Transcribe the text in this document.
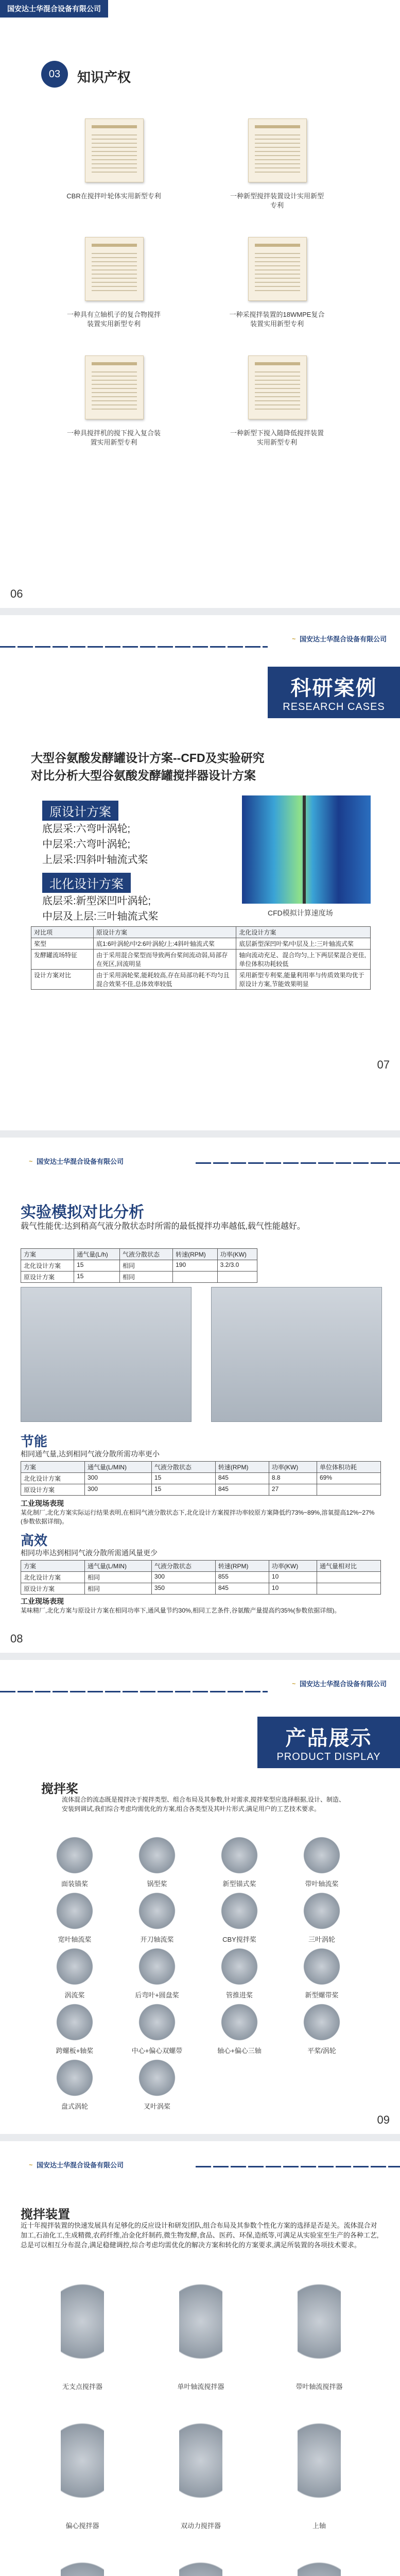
国安达士华混合设备有限公司
03 知识产权
CBR在搅拌叶轮体实用新型专利	一种新型搅拌装置设计实用新型专利
一种具有立轴机子的复合物搅拌装置实用新型专利
一种采搅拌装置的18WMPE复合装置实用新型专利
一种具搅拌机的搅下搅入复合装置实用新型专利
一种新型下搅入随降低搅拌装置实用新型专利
06
~ 国安达士华混合设备有限公司
科研案例
RESEARCH CASES
大型谷氨酸发酵罐设计方案--CFD及实验研究
对比分析大型谷氨酸发酵罐搅拌器设计方案
原设计方案
底层采:六弯叶涡轮;
中层采:六弯叶涡轮;
上层采:四斜叶轴流式桨
北化设计方案
底层采:新型深凹叶涡轮;
中层及上层:三叶轴流式桨	CFD模拟计算速度场
对比项	原设计方案	北化设计方案
桨型	底1:6叶涡轮/中2:6叶涡轮/上:4斜叶轴流式桨	底层新型深凹叶桨/中层及上:三叶轴流式桨
发酵罐流场特征	由于采用混合桨型而导致两台桨间流动弱,局部存在死区,回流明显	轴向流动充足、混合均匀,上下两层桨混合更佳,单位体积功耗较低
设计方案对比	由于采用涡轮桨,能耗较高,存在局部功耗不均匀且混合效果不佳,总体效率较低	采用新型专利桨,能量利用率与传质效果均优于原设计方案,节能效果明显
07
~ 国安达士华混合设备有限公司
实验模拟对比分析
载气性能优:达到稍高气液分散状态时所需的最低搅拌功率越低,载气性能越好。
方案	通气量(L/h)	气液分散状态	转速(RPM)	功率(KW)
北化设计方案	15	相同	190	3.2/3.0
原设计方案	15	相同		
节能
相同通气量,达到相同气液分散所需功率更小
方案	通气量(L/MIN)	气液分散状态	转速(RPM)	功率(KW)	单位体积功耗
北化设计方案	300	15	845	8.8	69%
原设计方案	300	15	845	27	
工业现场表现
某化制厂,北化方案实际运行结果表明,在相同气液分散状态下,北化设计方案搅拌功率较原方案降低约73%~89%,溶氧提高12%~27%(参数依据详细)。
高效
相同功率达到相同气液分散所需通风量更少
方案	通气量(L/MIN)	气液分散状态	转速(RPM)	功率(KW)	通气量相对比
北化设计方案	相同	300	855	10	
原设计方案	相同	350	845	10	
工业现场表现
某味精厂,北化方案与原设计方案在相同功率下,通风量节约30%,相同工艺条件,谷氨酸产量提高约35%(参数依据详细)。
08
~ 国安达士华混合设备有限公司
产品展示
PRODUCT DISPLAY
搅拌桨
流体混合的流态既是搅拌决于搅拌类型、组合布局及其参数,针对需求,搅拌桨型应选择根据,设计、制造、安装到调试,我们综合考虑均需优化的方案,组合各类型及其叶片形式,满足用户的工艺技术要求。
面装锚桨	锅型桨	新型锚式桨	带叶轴流桨
宽叶轴流桨	开刀轴流桨	CBY搅拌桨	三叶涡轮
涡流桨	后弯叶+圆盘桨	管推进桨	新型螺带桨
跨螺板+轴桨	中心+偏心双螺带	轴心+偏心三轴	平桨/涡轮
盘式涡轮	叉叶涡桨
09
~ 国安达士华混合设备有限公司
搅拌装置
近十年搅拌装置的快速发展具有足够化的反应设计和研发团队,组合布局及其参数个性化方案的选择是否是关。流体混合对加工,石油化工,生成精微,农药纤维,冶金化纤制药,微生物发酵,食品、医药、环保,造纸等,可满足从实验室至生产的各种工艺,总是可以相互分布混合,满足稳健调控,综合考虑均需优化的解决方案和转化的方案要求,满足所装置的各项技术要求。
无支点搅拌器	单叶轴流搅拌器	带叶轴流搅拌器
偏心搅拌器	双动力搅拌器	上轴
